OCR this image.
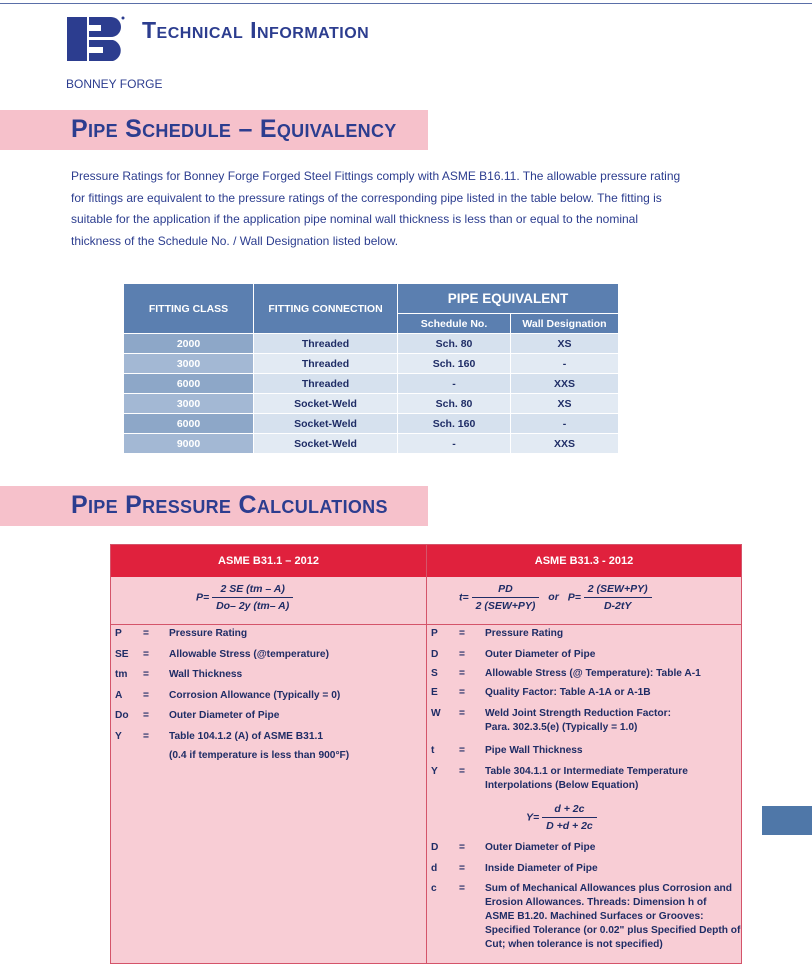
Technical Information
BONNEY FORGE
Pipe Schedule – Equivalency
Pressure Ratings for Bonney Forge Forged Steel Fittings comply with ASME B16.11. The allowable pressure rating for fittings are equivalent to the pressure ratings of the corresponding pipe listed in the table below. The fitting is suitable for the application if the application pipe nominal wall thickness is less than or equal to the nominal thickness of the Schedule No. / Wall Designation listed below.
FITTING CLASS	FITTING CONNECTION	PIPE EQUIVALENT	
		Schedule No.	Wall Designation
2000	Threaded	Sch. 80	XS
3000	Threaded	Sch. 160	-
6000	Threaded	-	XXS
3000	Socket-Weld	Sch. 80	XS
6000	Socket-Weld	Sch. 160	-
9000	Socket-Weld	-	XXS
Pipe Pressure Calculations
ASME B31.1 – 2012	ASME B31.3 - 2012
$P= \frac{2 SE (tm - A)}{Do- 2y (tm- A)}$	$t= \frac{PD}{\text{2 (SEW+PY)}}$ or $P= \frac{\text{2 (SEW+PY)}}{D-2tY}$
P = Pressure Rating
SE = Allowable Stress (@temperature)
tm = Wall Thickness
A = Corrosion Allowance (Typically = 0)
Do = Outer Diameter of Pipe
Y = Table 104.1.2 (A) of ASME B31.1
(0.4 if temperature is less than 900°F)
P = Pressure Rating
D = Outer Diameter of Pipe
S = Allowable Stress (@ Temperature): Table A-1
E = Quality Factor: Table A-1A or A-1B
W = Weld Joint Strength Reduction Factor:
Para. 302.3.5(e) (Typically = 1.0)
t = Pipe Wall Thickness
Y = Table 304.1.1 or Intermediate Temperature
Interpolations (Below Equation)
$Y= \frac{d + 2c}{D +d + 2c}$
D = Outer Diameter of Pipe
d = Inside Diameter of Pipe
c = Sum of Mechanical Allowances plus Corrosion and
Erosion Allowances. Threads: Dimension h of
ASME B1.20. Machined Surfaces or Grooves:
Specified Tolerance (or 0.02" plus Specified Depth of
Cut; when tolerance is not specified)
